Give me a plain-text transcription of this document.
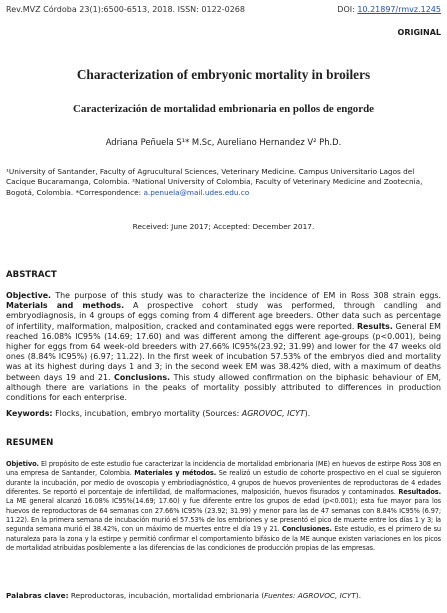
Rev.MVZ Córdoba 23(1):6500-6513, 2018. ISSN: 0122-0268	DOI: 10.21897/rmvz.1245
ORIGINAL
Characterization of embryonic mortality in broilers
Caracterización de mortalidad embrionaria en pollos de engorde
Adriana Peñuela S¹* M.Sc, Aureliano Hernandez V² Ph.D.
¹University of Santander, Faculty of Agrucultural Sciences, Veterinary Medicine. Campus Universitario Lagos del Cacique Bucaramanga, Colombia. ²National University of Colombia, Faculty of Veterinary Medicine and Zootecnia, Bogotá, Colombia. *Correspondence: a.penuela@mail.udes.edu.co
Received: June 2017; Accepted: December 2017.
ABSTRACT
Objective. The purpose of this study was to characterize the incidence of EM in Ross 308 strain eggs. Materials and methods. A prospective cohort study was performed, through candling and embryodiagnosis, in 4 groups of eggs coming from 4 different age breeders. Other data such as percentage of infertility, malformation, malposition, cracked and contaminated eggs were reported. Results. General EM reached 16.08% IC95% (14.69; 17.60) and was different among the different age-groups (p<0.001), being higher for eggs from 64 week-old breeders with 27.66% IC95%(23.92; 31.99) and lower for the 47 weeks old ones (8.84% IC95%) (6.97; 11.22). In the first week of incubation 57.53% of the embryos died and mortality was at its highest during days 1 and 3; in the second week EM was 38.42% died, with a maximum of deaths between days 19 and 21. Conclusions. This study allowed confirmation on the biphasic behaviour of EM, although there are variations in the peaks of mortality possibly attributed to differences in production conditions for each enterprise.
Keywords: Flocks, incubation, embryo mortality (Sources: AGROVOC, ICYT).
RESUMEN
Objetivo. El propósito de este estudio fue caracterizar la incidencia de mortalidad embrionaria (ME) en huevos de estirpe Ross 308 en una empresa de Santander, Colombia. Materiales y métodos. Se realizó un estudio de cohorte prospectivo en el cual se siguieron durante la incubación, por medio de ovoscopia y embriodiagnóstico, 4 grupos de huevos provenientes de reproductoras de 4 edades diferentes. Se reportó el porcentaje de infertilidad, de malformaciones, malposición, huevos fisurados y contaminados. Resultados. La ME general alcanzó 16.08% IC95%(14.69; 17.60) y fue diferente entre los grupos de edad (p<0.001); esta fue mayor para los huevos de reproductoras de 64 semanas con 27.66% IC95% (23.92; 31.99) y menor para las de 47 semanas con 8.84% IC95% (6.97; 11.22). En la primera semana de incubación murió el 57.53% de los embriones y se presentó el pico de muerte entre los días 1 y 3; la segunda semana murió el 38.42%, con un máximo de muertes entre el día 19 y 21. Conclusiones. Este estudio, es el primero de su naturaleza para la zona y la estirpe y permitió confirmar el comportamiento bifásico de la ME aunque existen variaciones en los picos de mortalidad atribuidas posiblemente a las diferencias de las condiciones de producción propias de las empresas.
Palabras clave: Reproductoras, incubación, mortalidad embrionaria (Fuentes: AGROVOC, ICYT).
